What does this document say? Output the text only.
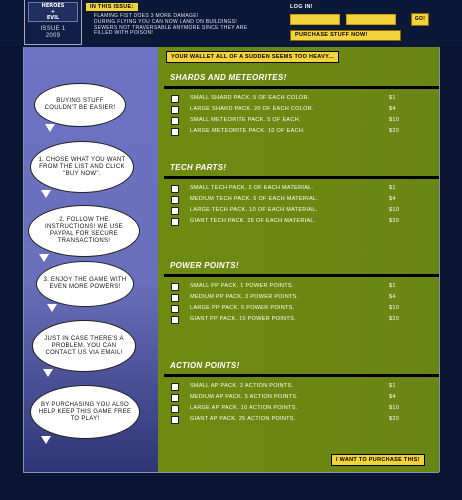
HEROES
+
EVIL
ISSUE 1
2009
IN THIS ISSUE:
FLAMING FIST DOES 3 MORE DAMAGE!
DURING FLYING YOU CAN NOW LAND ON BUILDINGS!
SEWERS NOT TRAVERSABLE ANYMORE SINCE THEY ARE
FILLED WITH POISON!
LOG IN!
GO!
PURCHASE STUFF NOW!
BUYING STUFF COULDN'T BE EASIER!
1. CHOSE WHAT YOU WANT FROM THE LIST AND CLICK "BUY NOW".
2. FOLLOW THE INSTRUCTIONS! WE USE PAYPAL FOR SECURE TRANSACTIONS!
3. ENJOY THE GAME WITH EVEN MORE POWERS!
JUST IN CASE THERE'S A PROBLEM, YOU CAN CONTACT US VIA EMAIL!
BY PURCHASING YOU ALSO HELP KEEP THIS GAME FREE TO PLAY!
YOUR WALLET ALL OF A SUDDEN SEEMS TOO HEAVY...
SHARDS AND METEORITES!
SMALL SHARD PACK. 5 OF EACH COLOR.	$1
LARGE SHARD PACK. 20 OF EACH COLOR.	$4
SMALL METEORITE PACK. 5 OF EACH.	$10
LARGE METEORITE PACK. 10 OF EACH.	$20
TECH PARTS!
SMALL TECH PACK. 2 OF EACH MATERIAL.	$1
MEDIUM TECH PACK. 5 OF EACH MATERIAL.	$4
LARGE TECH PACK. 10 OF EACH MATERIAL.	$10
GIANT TECH PACK. 25 OF EACH MATERIAL.	$20
POWER POINTS!
SMALL PP PACK. 1 POWER POINTS.	$1
MEDIUM PP PACK. 3 POWER POINTS.	$4
LARGE PP PACK. 5 POWER POINTS.	$10
GIANT PP PACK. 10 POWER POINTS.	$20
ACTION POINTS!
SMALL AP PACK. 2 ACTION POINTS.	$1
MEDIUM AP PACK. 5 ACTION POINTS.	$4
LARGE AP PACK. 10 ACTION POINTS.	$10
GIANT AP PACK. 25 ACTION POINTS.	$20
I WANT TO PURCHASE THIS!
